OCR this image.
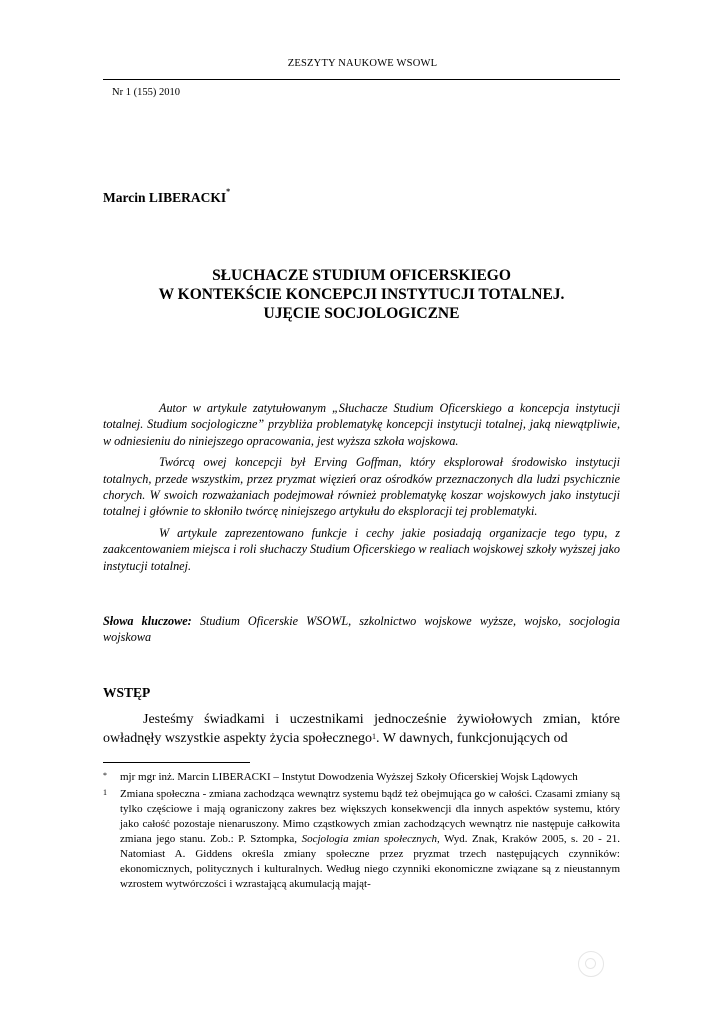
ZESZYTY NAUKOWE WSOWL
Nr 1 (155) 2010
Marcin LIBERACKI*
SŁUCHACZE STUDIUM OFICERSKIEGO
W KONTEKŚCIE KONCEPCJI INSTYTUCJI TOTALNEJ.
UJĘCIE SOCJOLOGICZNE

Autor w artykule zatytułowanym „Słuchacze Studium Oficerskiego a koncepcja instytucji totalnej. Studium socjologiczne” przybliża problematykę koncepcji instytucji totalnej, jaką niewątpliwie, w odniesieniu do niniejszego opracowania, jest wyższa szkoła wojskowa.

Twórcą owej koncepcji był Erving Goffman, który eksplorował środowisko instytucji totalnych, przede wszystkim, przez pryzmat więzień oraz ośrodków przeznaczonych dla ludzi psychicznie chorych. W swoich rozważaniach podejmował również problematykę koszar wojskowych jako instytucji totalnej i głównie to skłoniło twórcę niniejszego artykułu do eksploracji tej problematyki.

W artykule zaprezentowano funkcje i cechy jakie posiadają organizacje tego typu, z zaakcentowaniem miejsca i roli słuchaczy Studium Oficerskiego w realiach wojskowej szkoły wyższej jako instytucji totalnej.

Słowa kluczowe: Studium Oficerskie WSOWL, szkolnictwo wojskowe wyższe, wojsko, socjologia wojskowa
WSTĘP

Jesteśmy świadkami i uczestnikami jednocześnie żywiołowych zmian, które owładnęły wszystkie aspekty życia społecznego$^1$. W dawnych, funkcjonujących od

* mjr mgr inż. Marcin LIBERACKI – Instytut Dowodzenia Wyższej Szkoły Oficerskiej Wojsk Lądowych
1 Zmiana społeczna - zmiana zachodząca wewnątrz systemu bądź też obejmująca go w całości. Czasami zmiany są tylko częściowe i mają ograniczony zakres bez większych konsekwencji dla innych aspektów systemu, który jako całość pozostaje nienaruszony. Mimo cząstkowych zmian zachodzących wewnątrz nie następuje całkowita zmiana jego stanu. Zob.: P. Sztompka, Socjologia zmian społecznych, Wyd. Znak, Kraków 2005, s. 20 - 21. Natomiast A. Giddens określa zmiany społeczne przez pryzmat trzech następujących czynników: ekonomicznych, politycznych i kulturalnych. Według niego czynniki ekonomiczne związane są z nieustannym wzrostem wytwórczości i wzrastającą akumulacją mająt-
